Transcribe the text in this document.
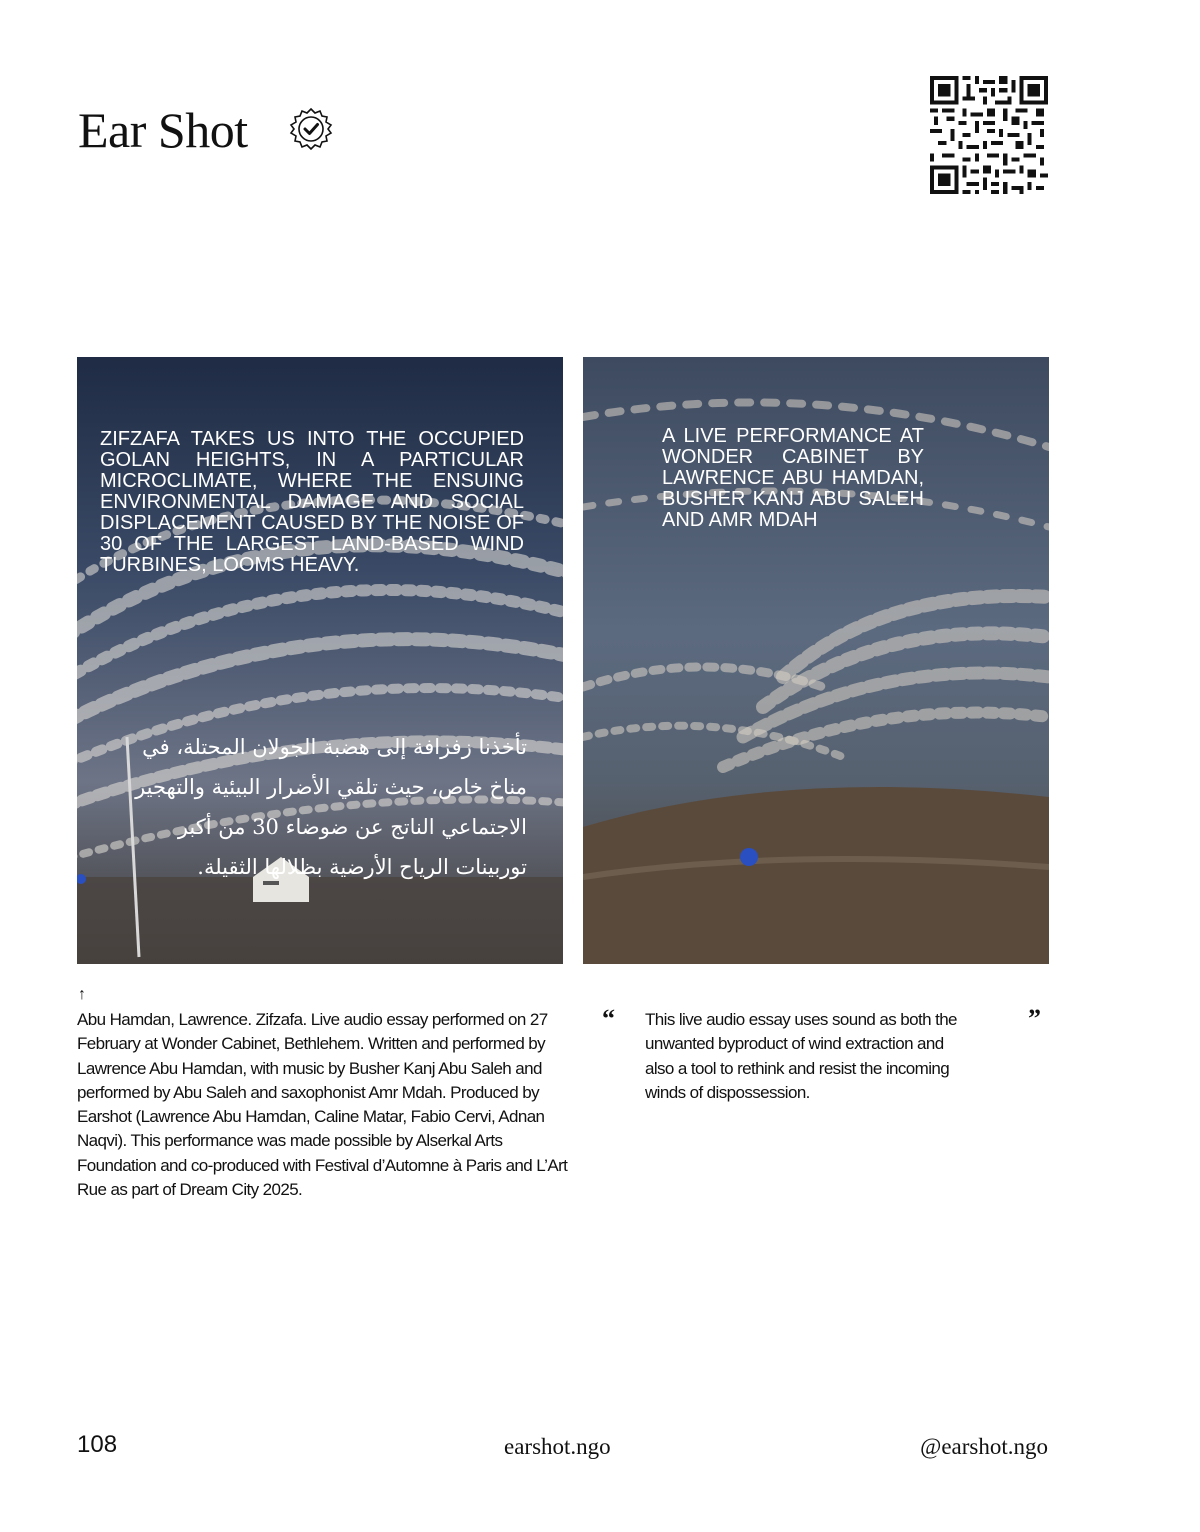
Ear Shot
ZIFZAFA TAKES US INTO THE OCCUPIED GOLAN HEIGHTS, IN A PARTICULAR MICROCLIMATE, WHERE THE ENSUING ENVIRONMENTAL DAMAGE AND SOCIAL DISPLACEMENT CAUSED BY THE NOISE OF 30 OF THE LARGEST LAND-BASED WIND TURBINES, LOOMS HEAVY.
تأخذنا زفزافة إلى هضبة الجولان المحتلة، في مناخ خاص، حيث تلقي الأضرار البيئية والتهجير الاجتماعي الناتج عن ضوضاء 30 من أكبر توربينات الرياح الأرضية بظلالها الثقيلة.
A LIVE PERFORMANCE AT WONDER CABINET BY LAWRENCE ABU HAMDAN, BUSHER KANJ ABU SALEH AND AMR MDAH
↑
Abu Hamdan, Lawrence. Zifzafa. Live audio essay performed on 27 February at Wonder Cabinet, Bethlehem. Written and performed by Lawrence Abu Hamdan, with music by Busher Kanj Abu Saleh and performed by Abu Saleh and saxophonist Amr Mdah. Produced by Earshot (Lawrence Abu Hamdan, Caline Matar, Fabio Cervi, Adnan Naqvi). This performance was made possible by Alserkal Arts Foundation and co-produced with Festival d’Automne à Paris and L’Art Rue as part of Dream City 2025.
“ This live audio essay uses sound as both the unwanted byproduct of wind extraction and also a tool to rethink and resist the incoming winds of dispossession.
”
108	earshot.ngo	@earshot.ngo
